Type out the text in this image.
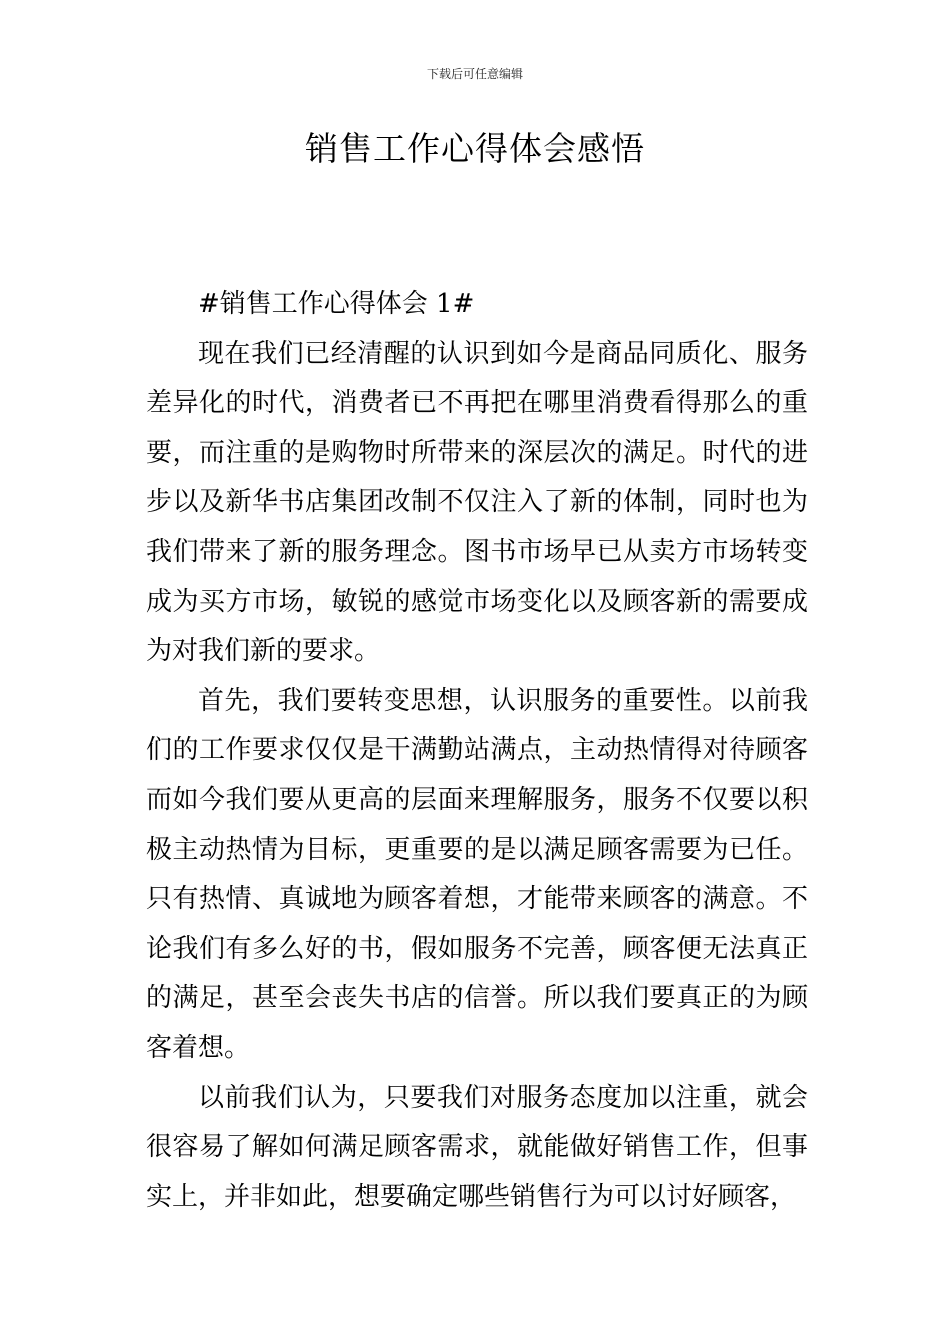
下载后可任意编辑
销售工作心得体会感悟

#销售工作心得体会 1#

现在我们已经清醒的认识到如今是商品同质化、服务差异化的时代，消费者已不再把在哪里消费看得那么的重要，而注重的是购物时所带来的深层次的满足。时代的进步以及新华书店集团改制不仅注入了新的体制，同时也为我们带来了新的服务理念。图书市场早已从卖方市场转变成为买方市场，敏锐的感觉市场变化以及顾客新的需要成为对我们新的要求。

首先，我们要转变思想，认识服务的重要性。以前我们的工作要求仅仅是干满勤站满点，主动热情得对待顾客而如今我们要从更高的层面来理解服务，服务不仅要以积极主动热情为目标，更重要的是以满足顾客需要为已任。只有热情、真诚地为顾客着想，才能带来顾客的满意。不论我们有多么好的书，假如服务不完善，顾客便无法真正的满足，甚至会丧失书店的信誉。所以我们要真正的为顾客着想。

以前我们认为，只要我们对服务态度加以注重，就会很容易了解如何满足顾客需求，就能做好销售工作，但事实上，并非如此，想要确定哪些销售行为可以讨好顾客，
